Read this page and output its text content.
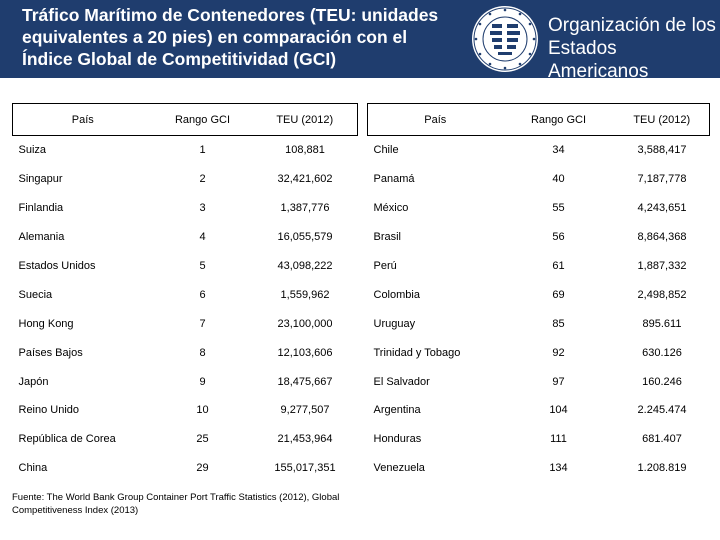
Tráfico Marítimo de Contenedores (TEU: unidades equivalentes a 20 pies) en comparación con el Índice Global de Competitividad (GCI)
Organización de los
Estados Americanos
País	Rango GCI	TEU (2012)
Suiza	1	108,881
Singapur	2	32,421,602
Finlandia	3	1,387,776
Alemania	4	16,055,579
Estados Unidos	5	43,098,222
Suecia	6	1,559,962
Hong Kong	7	23,100,000
Países Bajos	8	12,103,606
Japón	9	18,475,667
Reino Unido	10	9,277,507
República de Corea	25	21,453,964
China	29	155,017,351
País	Rango GCI	TEU (2012)
Chile	34	3,588,417
Panamá	40	7,187,778
México	55	4,243,651
Brasil	56	8,864,368
Perú	61	1,887,332
Colombia	69	2,498,852
Uruguay	85	895.611
Trinidad y Tobago	92	630.126
El Salvador	97	160.246
Argentina	104	2.245.474
Honduras	111	681.407
Venezuela	134	1.208.819
Fuente: The World Bank Group Container Port Traffic Statistics (2012), Global Competitiveness Index (2013)
